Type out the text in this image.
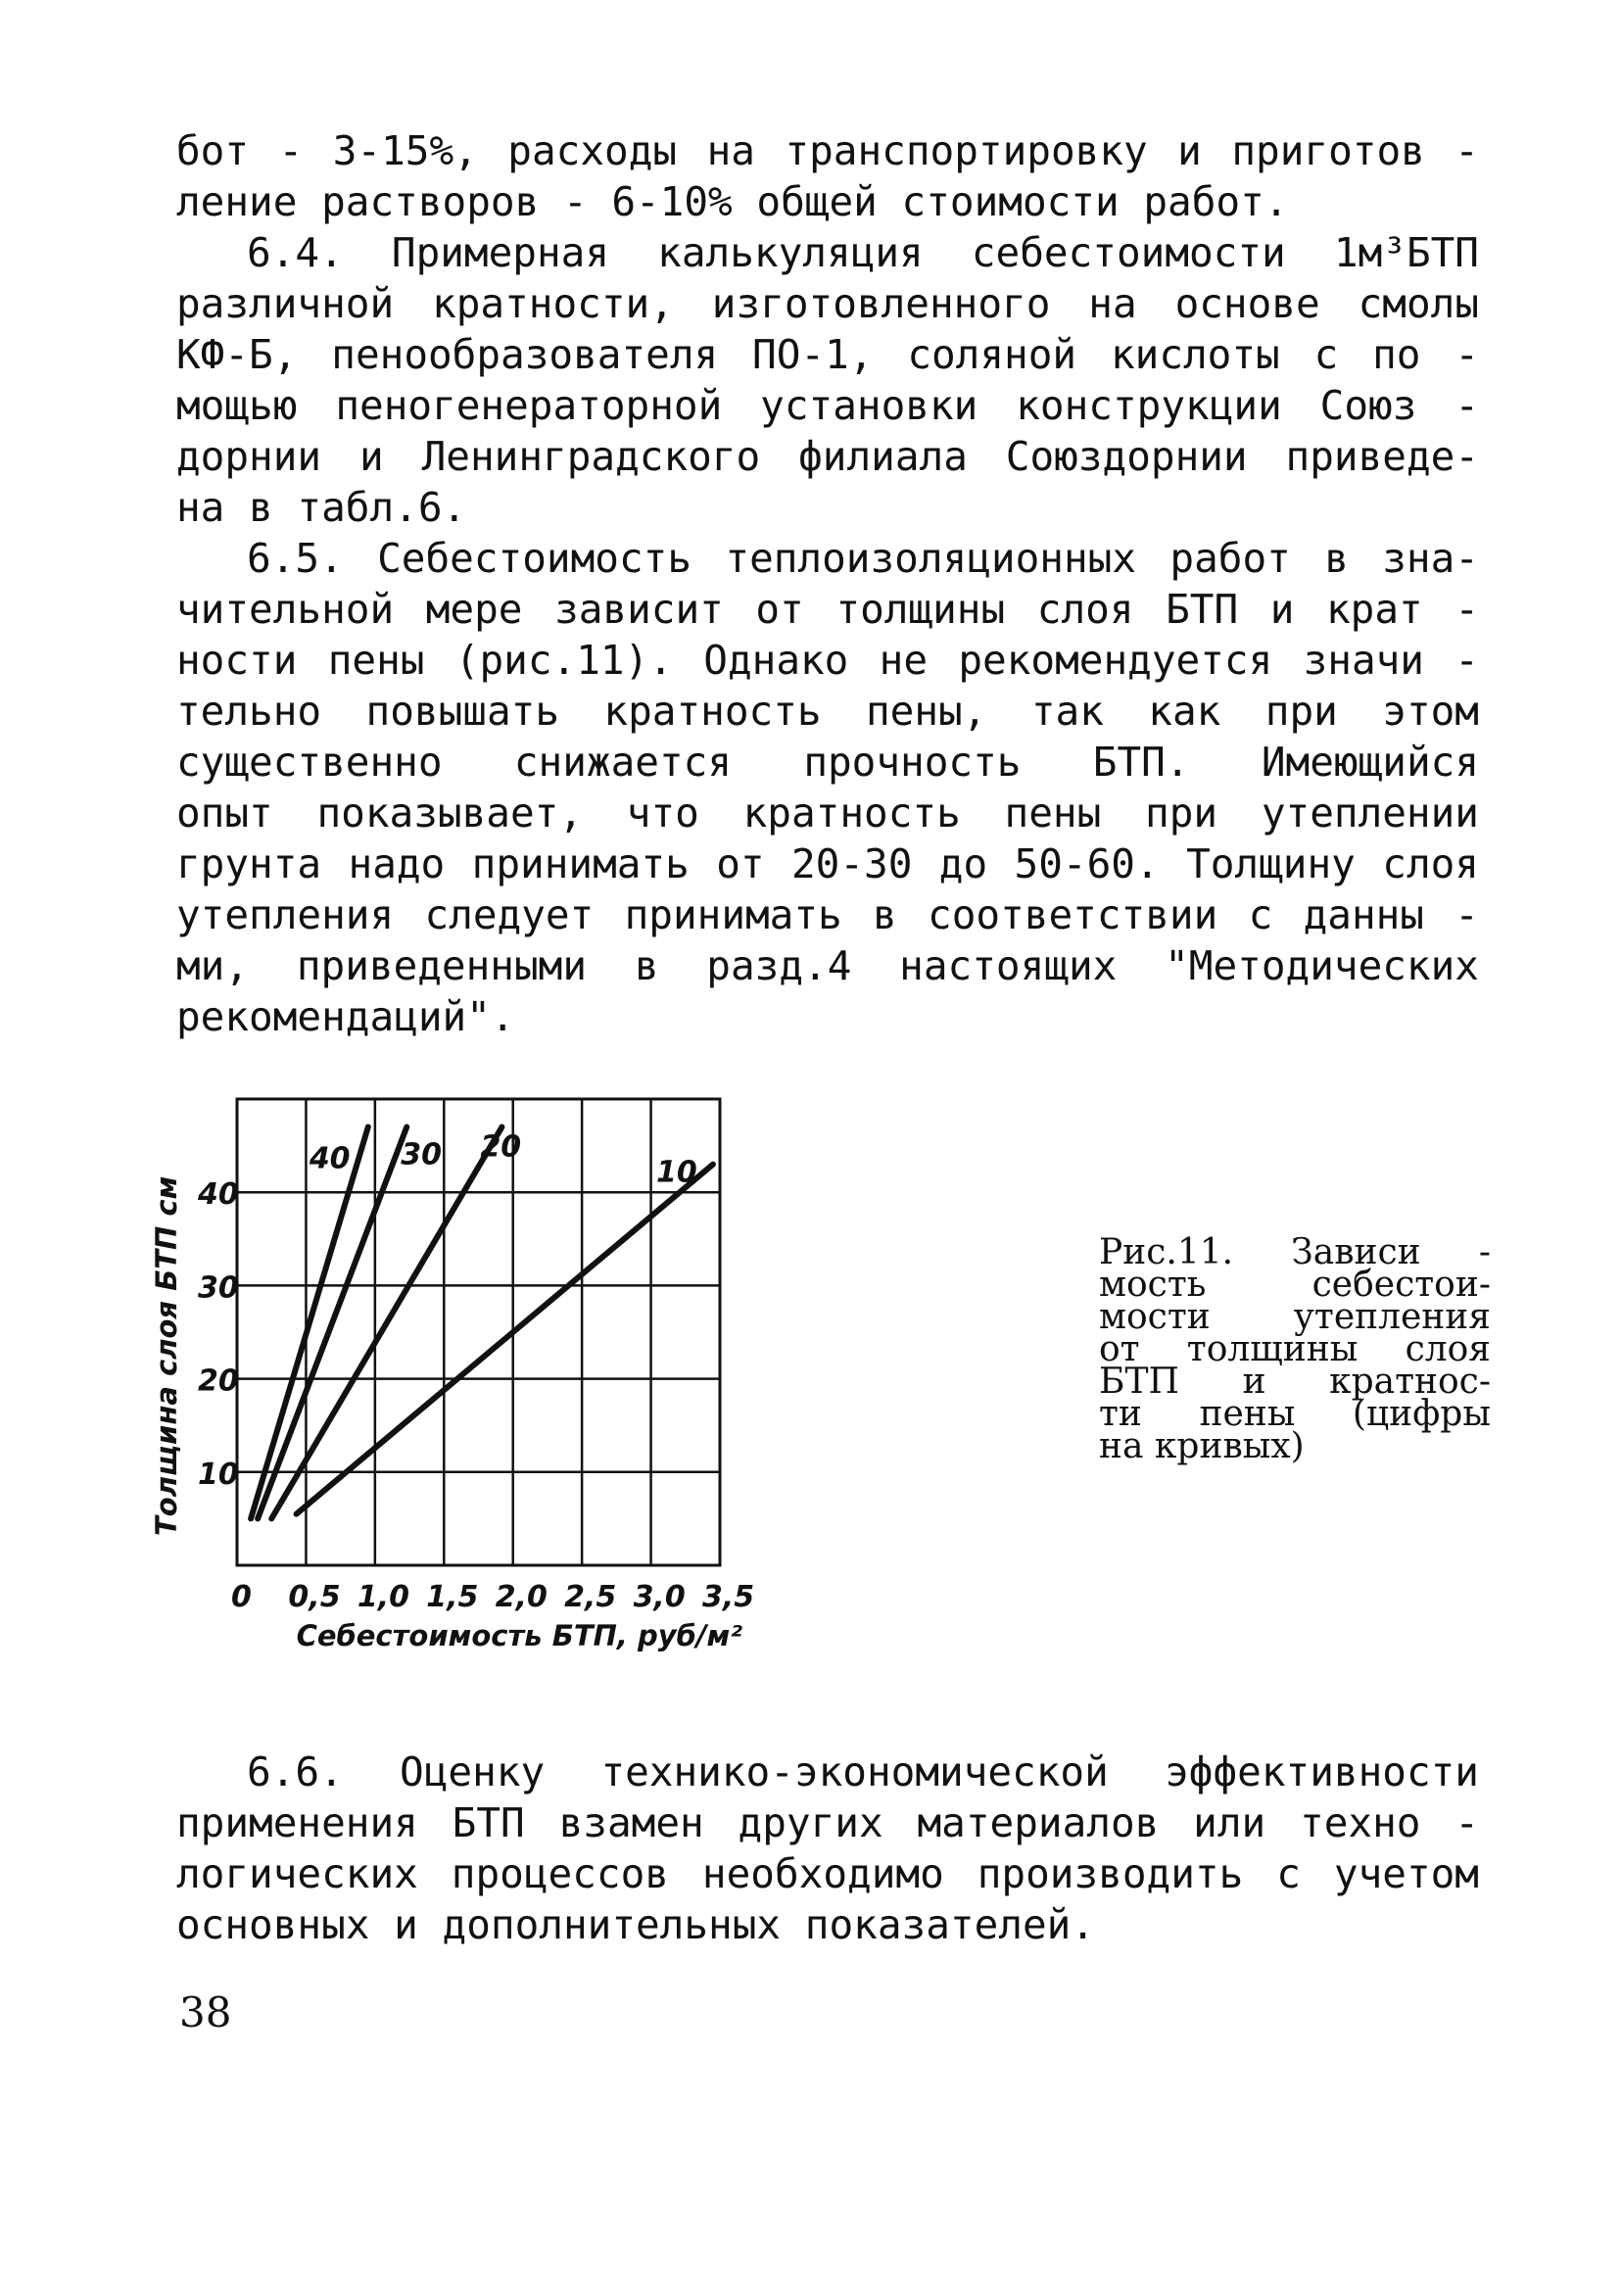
бот - 3-15%, расходы на транспортировку и приготов -
ление растворов - 6-10% общей стоимости работ.
6.4. Примерная калькуляция себестоимости 1м³БТП
различной кратности, изготовленного на основе смолы
КФ-Б, пенообразователя ПО-1, соляной кислоты с по -
мощью пеногенераторной установки конструкции Союз -
дорнии и Ленинградского филиала Союздорнии приведе-
на в табл.6.
6.5. Себестоимость теплоизоляционных работ в зна-
чительной мере зависит от толщины слоя БТП и крат -
ности пены (рис.11). Однако не рекомендуется значи -
тельно повышать кратность пены, так как при этом
существенно снижается прочность БТП. Имеющийся
опыт показывает, что кратность пены при утеплении
грунта надо принимать от 20-30 до 50-60. Толщину слоя
утепления следует принимать в соответствии с данны -
ми, приведенными в разд.4 настоящих "Методических
рекомендаций".
0 0,5 1,0 1,5 2,0 2,5 3,0 3,5
10
20
30
40
40 30 20
10
Себестоимость БТП, руб/м²
Толщина слоя БТП см	Рис.11. Зависи -
мость себестои-
мости утепления
от толщины слоя
БТП и кратнос-
ти пены (цифры
на кривых)
6.6. Оценку технико-экономической эффективности
применения БТП взамен других материалов или техно -
логических процессов необходимо производить с учетом
основных и дополнительных показателей.
38
